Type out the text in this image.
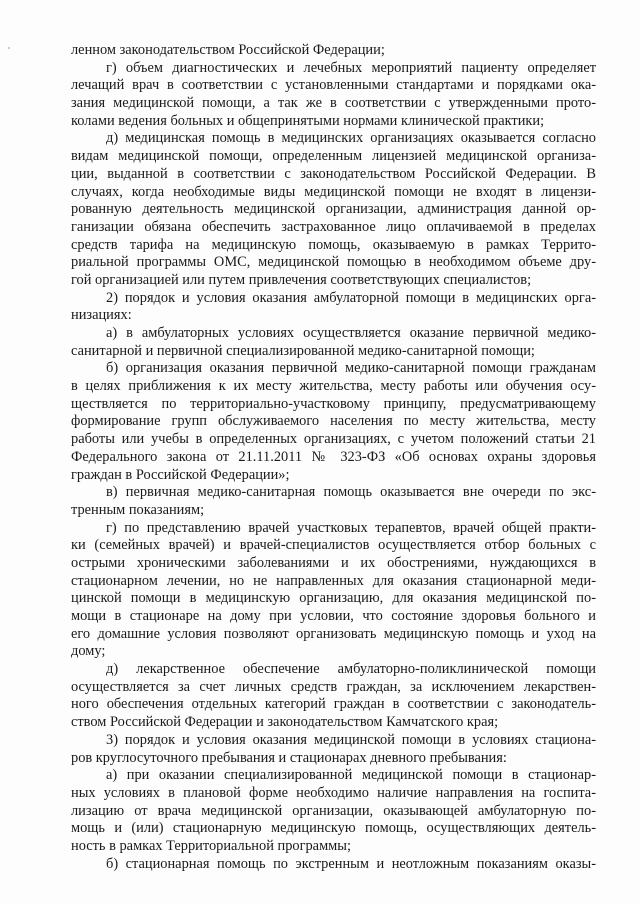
ленном законодательством Российской Федерации;
г) объем диагностических и лечебных мероприятий пациенту определяет
лечащий врач в соответствии с установленными стандартами и порядками ока-
зания медицинской помощи, а так же в соответствии с утвержденными прото-
колами ведения больных и общепринятыми нормами клинической практики;
д) медицинская помощь в медицинских организациях оказывается согласно
видам медицинской помощи, определенным лицензией медицинской организа-
ции, выданной в соответствии с законодательством Российской Федерации. В
случаях, когда необходимые виды медицинской помощи не входят в лицензи-
рованную деятельность медицинской организации, администрация данной ор-
ганизации обязана обеспечить застрахованное лицо оплачиваемой в пределах
средств тарифа на медицинскую помощь, оказываемую в рамках Террито-
риальной программы ОМС, медицинской помощью в необходимом объеме дру-
гой организацией или путем привлечения соответствующих специалистов;
2) порядок и условия оказания амбулаторной помощи в медицинских орга-
низациях:
а) в амбулаторных условиях осуществляется оказание первичной медико-
санитарной и первичной специализированной медико-санитарной помощи;
б) организация оказания первичной медико-санитарной помощи гражданам
в целях приближения к их месту жительства, месту работы или обучения осу-
ществляется по территориально-участковому принципу, предусматривающему
формирование групп обслуживаемого населения по месту жительства, месту
работы или учебы в определенных организациях, с учетом положений статьи 21
Федерального закона от 21.11.2011 № 323-ФЗ «Об основах охраны здоровья
граждан в Российской Федерации»;
в) первичная медико-санитарная помощь оказывается вне очереди по экс-
тренным показаниям;
г) по представлению врачей участковых терапевтов, врачей общей практи-
ки (семейных врачей) и врачей-специалистов осуществляется отбор больных с
острыми хроническими заболеваниями и их обострениями, нуждающихся в
стационарном лечении, но не направленных для оказания стационарной меди-
цинской помощи в медицинскую организацию, для оказания медицинской по-
мощи в стационаре на дому при условии, что состояние здоровья больного и
его домашние условия позволяют организовать медицинскую помощь и уход на
дому;
д) лекарственное обеспечение амбулаторно-поликлинической помощи
осуществляется за счет личных средств граждан, за исключением лекарствен-
ного обеспечения отдельных категорий граждан в соответствии с законодатель-
ством Российской Федерации и законодательством Камчатского края;
3) порядок и условия оказания медицинской помощи в условиях стациона-
ров круглосуточного пребывания и стационарах дневного пребывания:
а) при оказании специализированной медицинской помощи в стационар-
ных условиях в плановой форме необходимо наличие направления на госпита-
лизацию от врача медицинской организации, оказывающей амбулаторную по-
мощь и (или) стационарную медицинскую помощь, осуществляющих деятель-
ность в рамках Территориальной программы;
б) стационарная помощь по экстренным и неотложным показаниям оказы-
